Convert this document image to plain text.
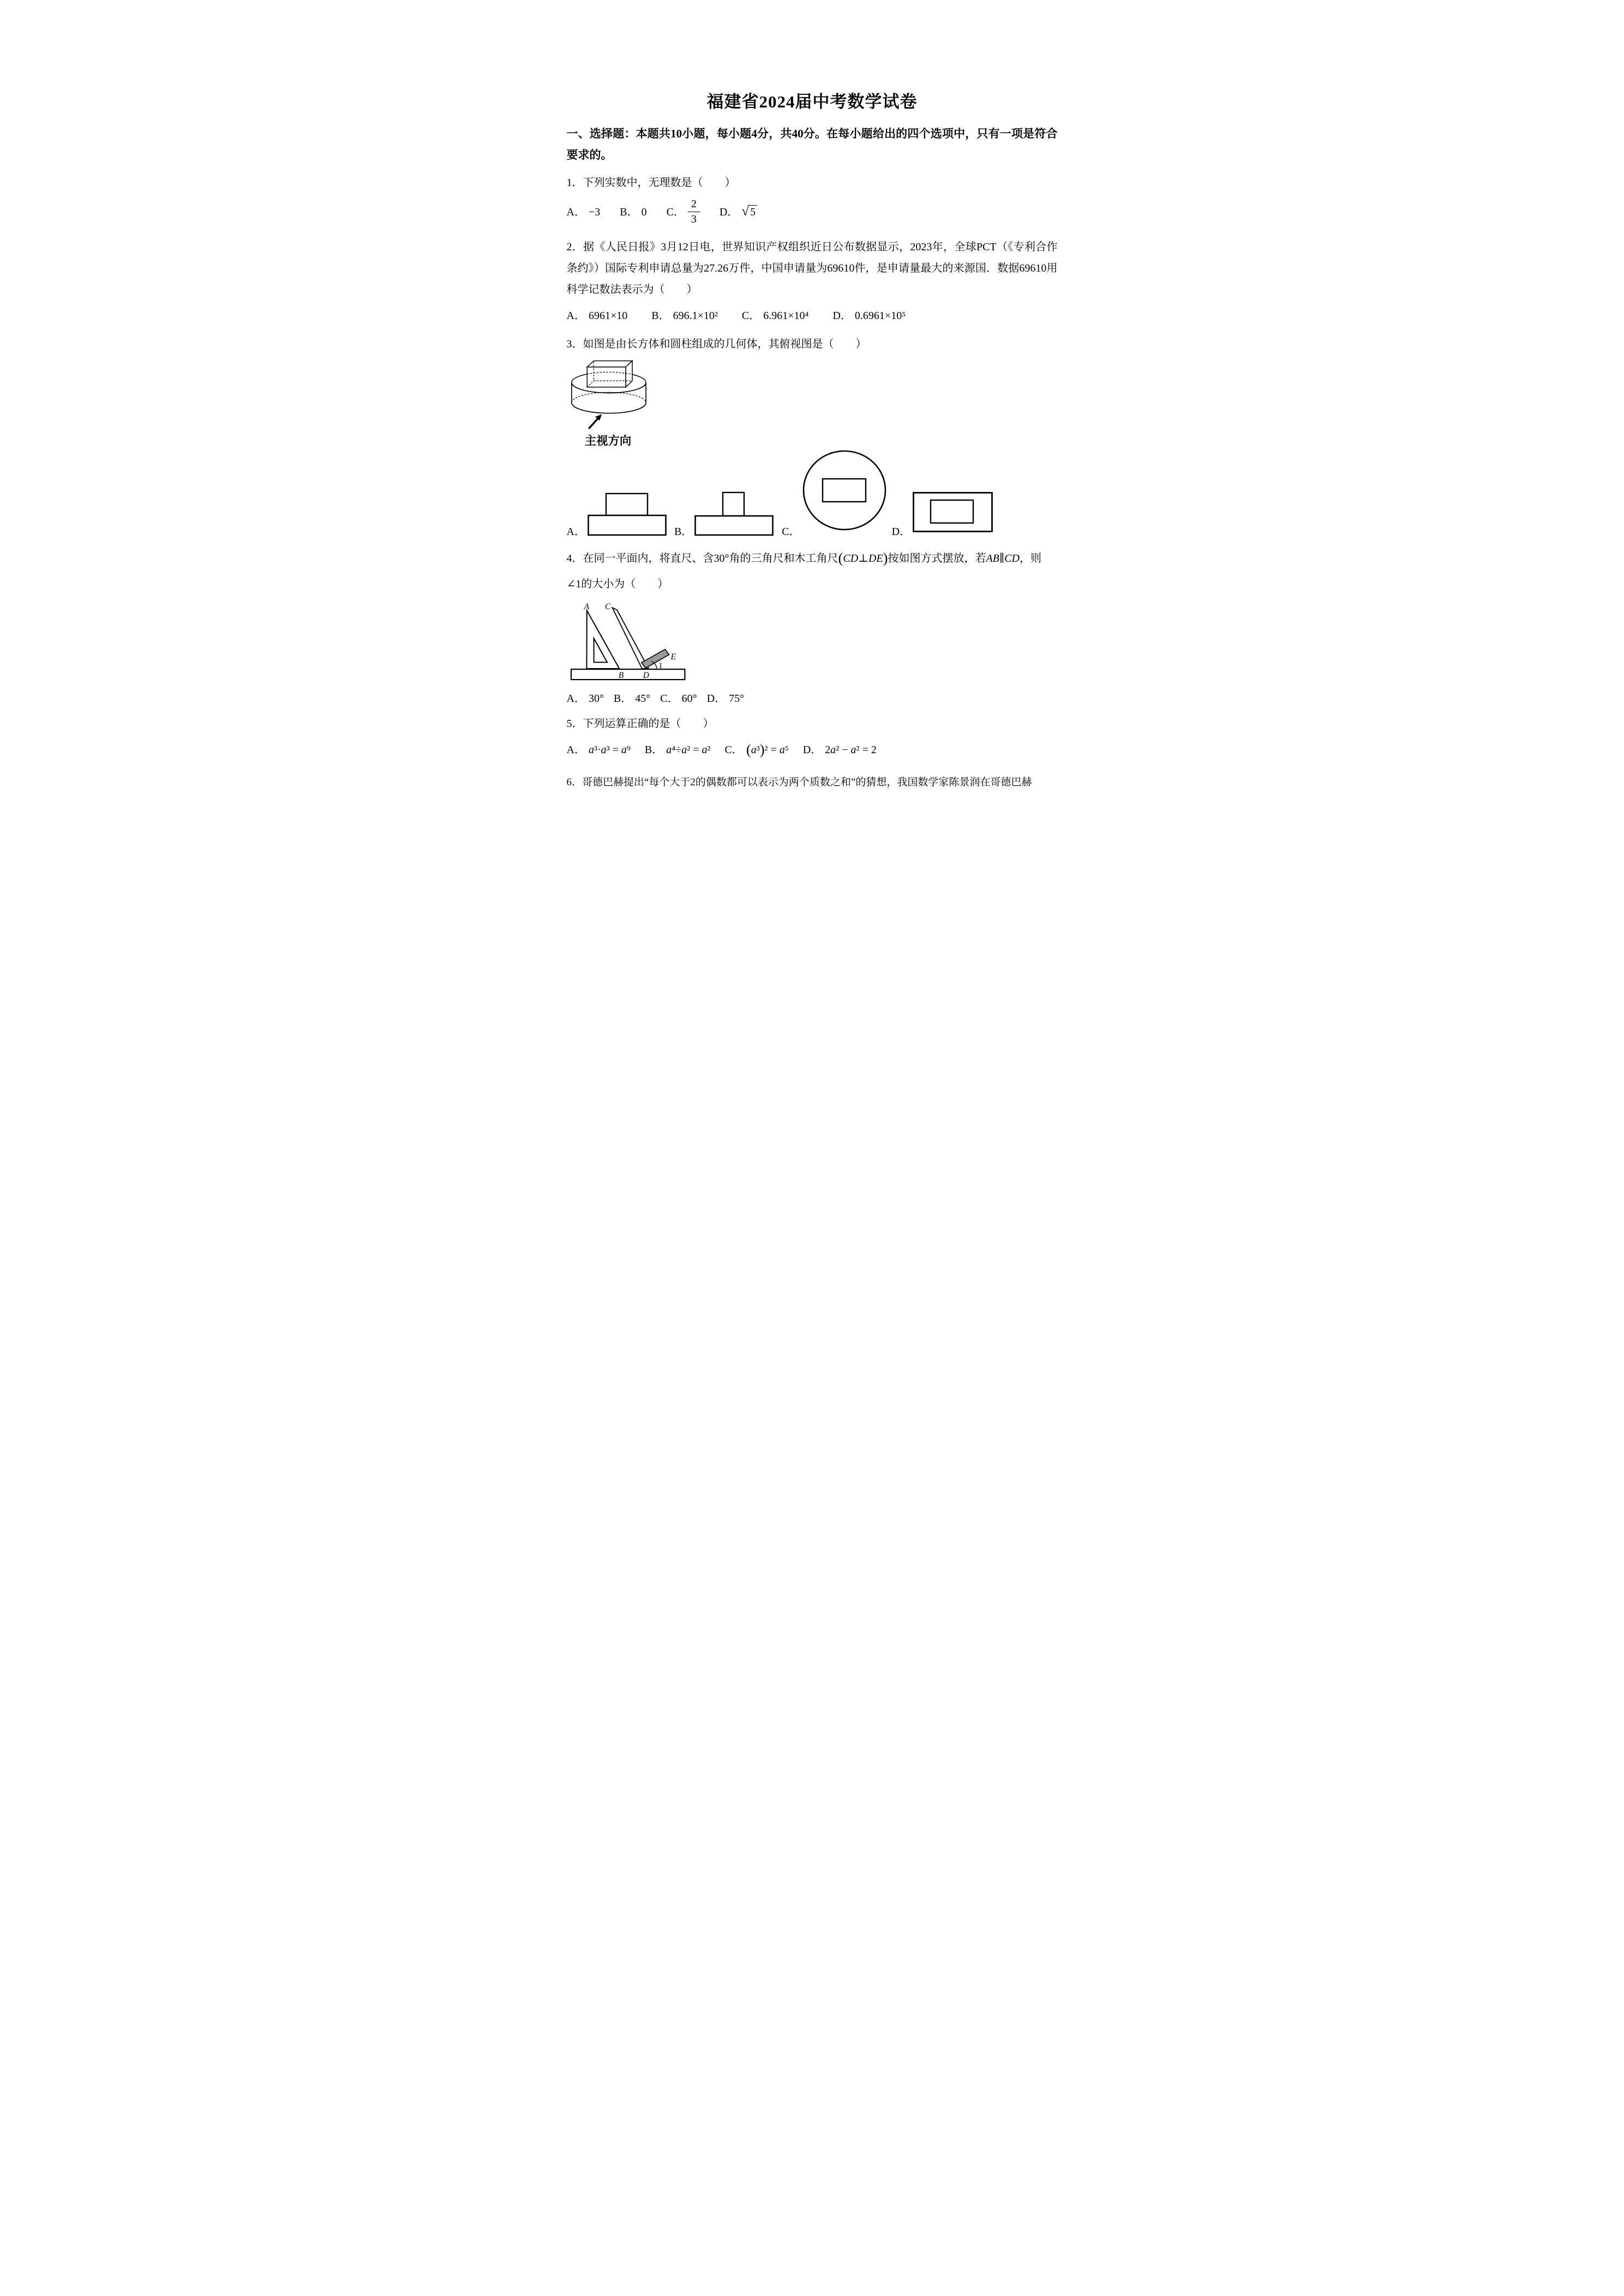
福建省2024届中考数学试卷
一、选择题：本题共10小题，每小题4分，共40分。在每小题给出的四个选项中，只有一项是符合要求的。
1．下列实数中，无理数是（　　）
A． −3 B． 0 C． $\frac{2}{3}$ D． √ 5
2．据《人民日报》3月12日电，世界知识产权组织近日公布数据显示，2023年，全球PCT（《专利合作条约》）国际专利申请总量为27.26万件，中国申请量为69610件，是申请量最大的来源国．数据69610用科学记数法表示为（　　）
A． 6961×10 B． 696.1×10² C． 6.961×10⁴ D． 0.6961×10⁵
3．如图是由长方体和圆柱组成的几何体，其俯视图是（　　）
主视方向
A．	B．	C．	D．
4．在同一平面内，将直尺、含30°角的三角尺和木工角尺(CD⊥DE)按如图方式摆放，若AB∥CD，则
∠1的大小为（　　）
A C
E
1
B D
A． 30° B． 45° C． 60° D． 75°
5．下列运算正确的是（　　）
A． a³·a³ = a⁹ B． a⁴÷a² = a² C． (a³)² = a⁵ D． 2a² − a² = 2
6．哥德巴赫提出“每个大于2的偶数都可以表示为两个质数之和”的猜想，我国数学家陈景润在哥德巴赫
